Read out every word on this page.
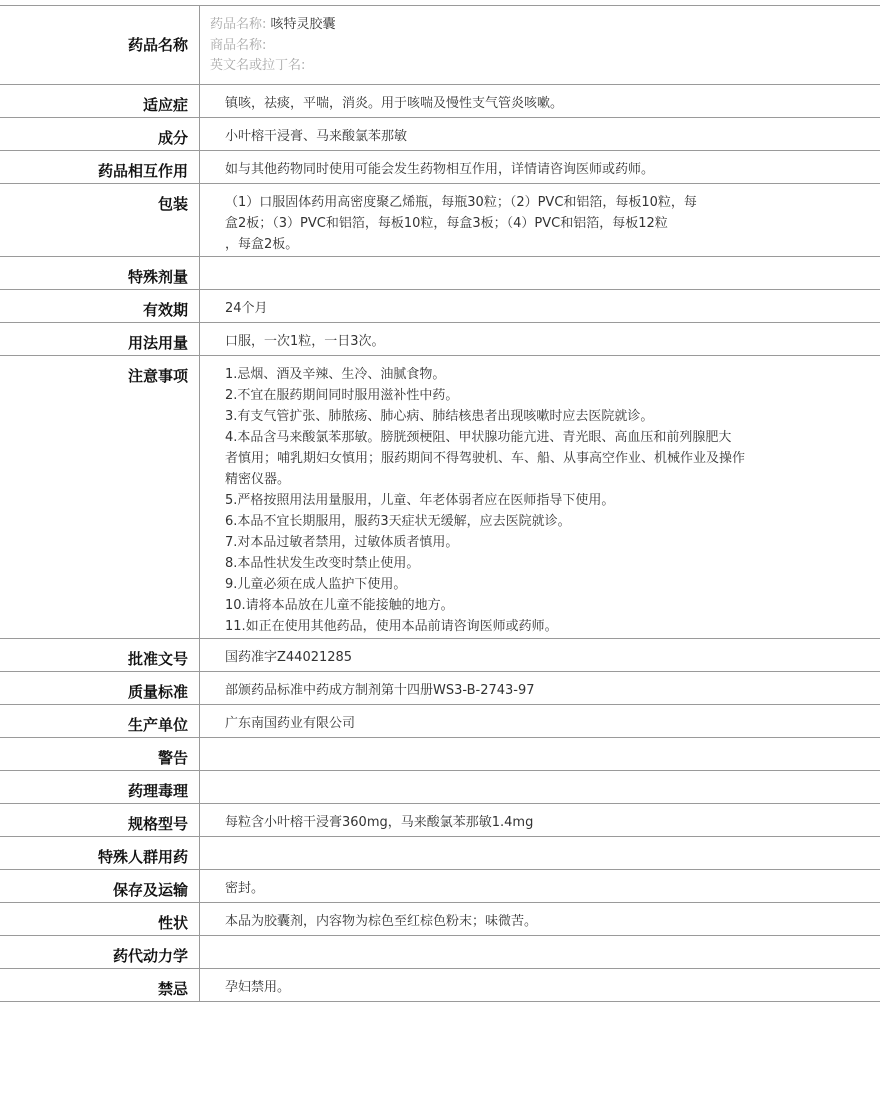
药品名称
药品名称: 咳特灵胶囊
商品名称:
英文名或拉丁名:
适应症	镇咳，祛痰，平喘，消炎。用于咳喘及慢性支气管炎咳嗽。
成分	小叶榕干浸膏、马来酸氯苯那敏
药品相互作用	如与其他药物同时使用可能会发生药物相互作用，详情请咨询医师或药师。
包装	（1）口服固体药用高密度聚乙烯瓶，每瓶30粒；（2）PVC和铝箔，每板10粒，每
盒2板；（3）PVC和铝箔，每板10粒，每盒3板；（4）PVC和铝箔，每板12粒
，每盒2板。
特殊剂量
有效期	24个月
用法用量	口服，一次1粒，一日3次。
注意事项	1.忌烟、酒及辛辣、生冷、油腻食物。
2.不宜在服药期间同时服用滋补性中药。
3.有支气管扩张、肺脓疡、肺心病、肺结核患者出现咳嗽时应去医院就诊。
4.本品含马来酸氯苯那敏。膀胱颈梗阻、甲状腺功能亢进、青光眼、高血压和前列腺肥大
者慎用；哺乳期妇女慎用；服药期间不得驾驶机、车、船、从事高空作业、机械作业及操作
精密仪器。
5.严格按照用法用量服用，儿童、年老体弱者应在医师指导下使用。
6.本品不宜长期服用，服药3天症状无缓解，应去医院就诊。
7.对本品过敏者禁用，过敏体质者慎用。
8.本品性状发生改变时禁止使用。
9.儿童必须在成人监护下使用。
10.请将本品放在儿童不能接触的地方。
11.如正在使用其他药品，使用本品前请咨询医师或药师。
批准文号	国药准字Z44021285
质量标准	部颁药品标准中药成方制剂第十四册WS3-B-2743-97
生产单位	广东南国药业有限公司
警告
药理毒理
规格型号	每粒含小叶榕干浸膏360mg，马来酸氯苯那敏1.4mg
特殊人群用药
保存及运输	密封。
性状	本品为胶囊剂，内容物为棕色至红棕色粉末；味微苦。
药代动力学
禁忌	孕妇禁用。
